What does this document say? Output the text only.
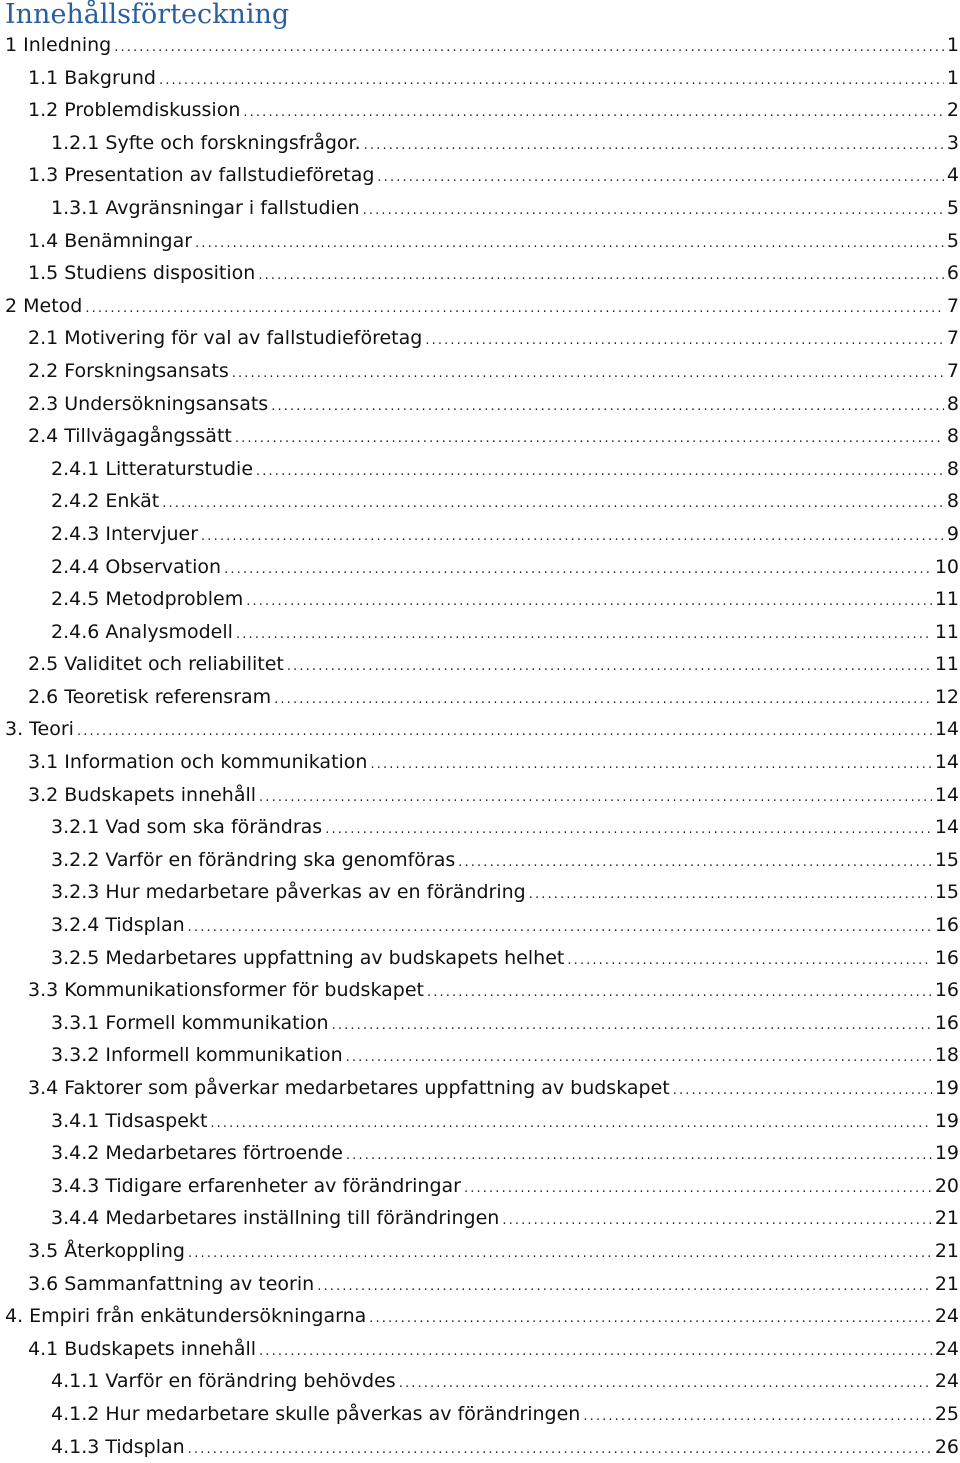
Innehållsförteckning
1 Inledning . . .	1
1.1 Bakgrund . . .	1
1.2 Problemdiskussion . . .	2
1.2.1 Syfte och forskningsfrågor. . . .	3
1.3 Presentation av fallstudieföretag . . .	4
1.3.1 Avgränsningar i fallstudien . . .	5
1.4 Benämningar . . .	5
1.5 Studiens disposition . . .	6
2 Metod . . .	7
2.1 Motivering för val av fallstudieföretag . . .	7
2.2 Forskningsansats . . .	7
2.3 Undersökningsansats . . .	8
2.4 Tillvägagångssätt . . .	8
2.4.1 Litteraturstudie . . .	8
2.4.2 Enkät . . .	8
2.4.3 Intervjuer . . .	9
2.4.4 Observation . . .	10
2.4.5 Metodproblem . . .	11
2.4.6 Analysmodell . . .	11
2.5 Validitet och reliabilitet . . .	11
2.6 Teoretisk referensram . . .	12
3. Teori . . .	14
3.1 Information och kommunikation . . .	14
3.2 Budskapets innehåll . . .	14
3.2.1 Vad som ska förändras . . .	14
3.2.2 Varför en förändring ska genomföras . . .	15
3.2.3 Hur medarbetare påverkas av en förändring . . .	15
3.2.4 Tidsplan . . .	16
3.2.5 Medarbetares uppfattning av budskapets helhet . . .	16
3.3 Kommunikationsformer för budskapet . . .	16
3.3.1 Formell kommunikation . . .	16
3.3.2 Informell kommunikation . . .	18
3.4 Faktorer som påverkar medarbetares uppfattning av budskapet . . .	19
3.4.1 Tidsaspekt . . .	19
3.4.2 Medarbetares förtroende . . .	19
3.4.3 Tidigare erfarenheter av förändringar . . .	20
3.4.4 Medarbetares inställning till förändringen . . .	21
3.5 Återkoppling . . .	21
3.6 Sammanfattning av teorin . . .	21
4. Empiri från enkätundersökningarna . . .	24
4.1 Budskapets innehåll . . .	24
4.1.1 Varför en förändring behövdes . . .	24
4.1.2 Hur medarbetare skulle påverkas av förändringen . . .	25
4.1.3 Tidsplan . . .	26
